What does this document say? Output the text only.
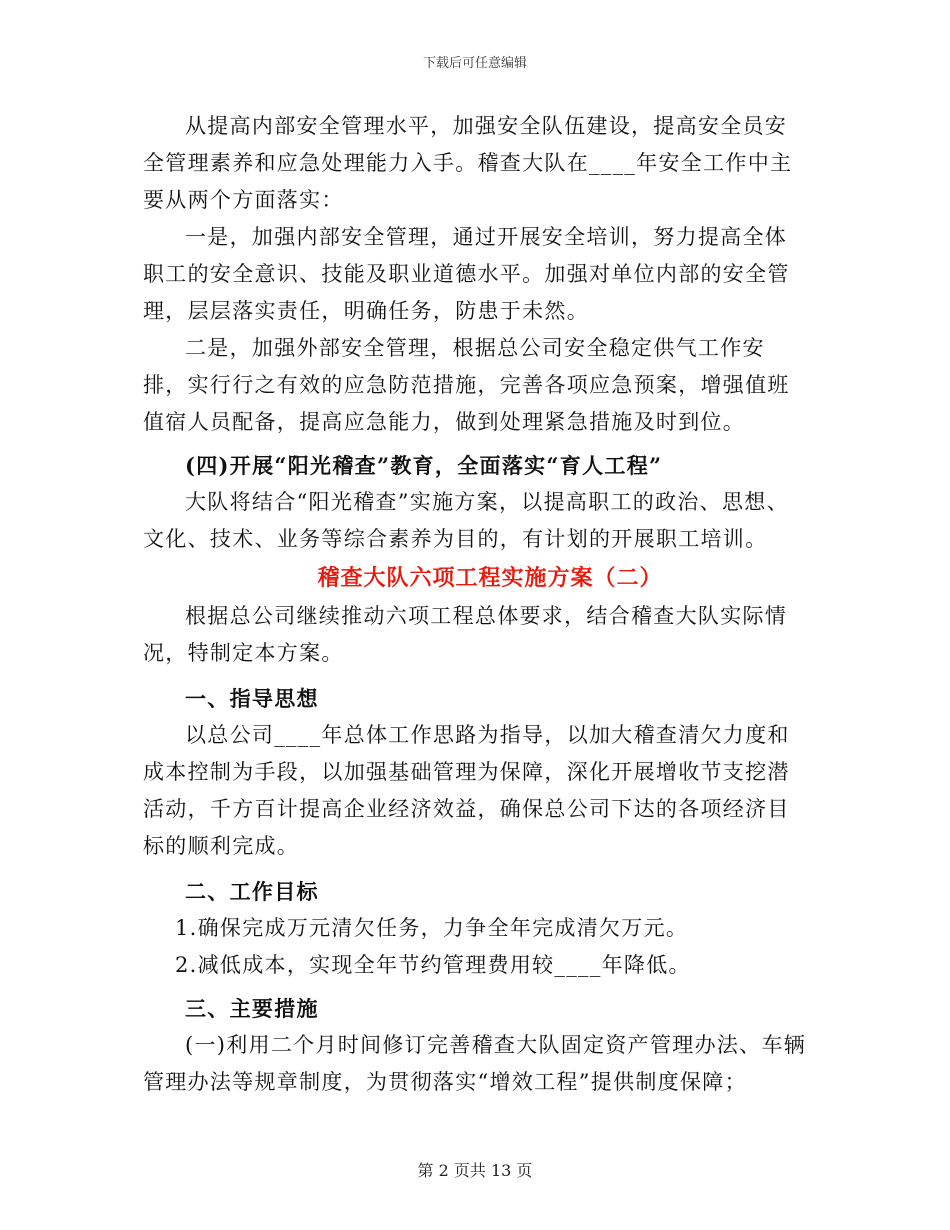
下载后可任意编辑

从提高内部安全管理水平，加强安全队伍建设，提高安全员安全管理素养和应急处理能力入手。稽查大队在____年安全工作中主要从两个方面落实：

一是，加强内部安全管理，通过开展安全培训，努力提高全体职工的安全意识、技能及职业道德水平。加强对单位内部的安全管理，层层落实责任，明确任务，防患于未然。

二是，加强外部安全管理，根据总公司安全稳定供气工作安排，实行行之有效的应急防范措施，完善各项应急预案，增强值班值宿人员配备，提高应急能力，做到处理紧急措施及时到位。

(四)开展“阳光稽查”教育，全面落实“育人工程”

大队将结合“阳光稽查”实施方案，以提高职工的政治、思想、文化、技术、业务等综合素养为目的，有计划的开展职工培训。

稽查大队六项工程实施方案（二）

根据总公司继续推动六项工程总体要求，结合稽查大队实际情况，特制定本方案。

一、指导思想

以总公司____年总体工作思路为指导，以加大稽查清欠力度和成本控制为手段，以加强基础管理为保障，深化开展增收节支挖潜活动，千方百计提高企业经济效益，确保总公司下达的各项经济目标的顺利完成。

二、工作目标

1.确保完成万元清欠任务，力争全年完成清欠万元。

2.减低成本，实现全年节约管理费用较____年降低。

三、主要措施

(一)利用二个月时间修订完善稽查大队固定资产管理办法、车辆管理办法等规章制度，为贯彻落实“增效工程”提供制度保障；

第 2 页共 13 页
